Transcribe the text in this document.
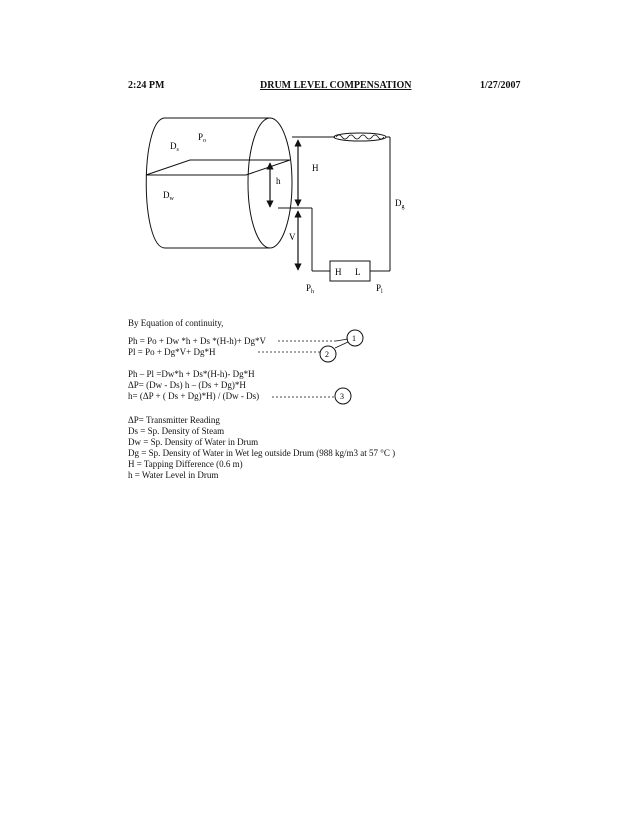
2:24 PM	DRUM LEVEL COMPENSATION	1/27/2007
H L
$D_s$
$P_o$
$D_w$
h
H
V
$D_g$
$P_h$	$P_l$
1
2
3
By Equation of continuity,
Ph = Po + Dw *h + Ds *(H-h)+ Dg*V
Pl = Po + Dg*V+ Dg*H
Ph – Pl =Dw*h + Ds*(H-h)- Dg*H
ΔP= (Dw - Ds) h – (Ds + Dg)*H
h= (ΔP + ( Ds + Dg)*H) / (Dw - Ds)
ΔP= Transmitter Reading
Ds = Sp. Density of Steam
Dw = Sp. Density of Water in Drum
Dg = Sp. Density of Water in Wet leg outside Drum (988 kg/m3 at 57 °C )
H = Tapping Difference (0.6 m)
h = Water Level in Drum
